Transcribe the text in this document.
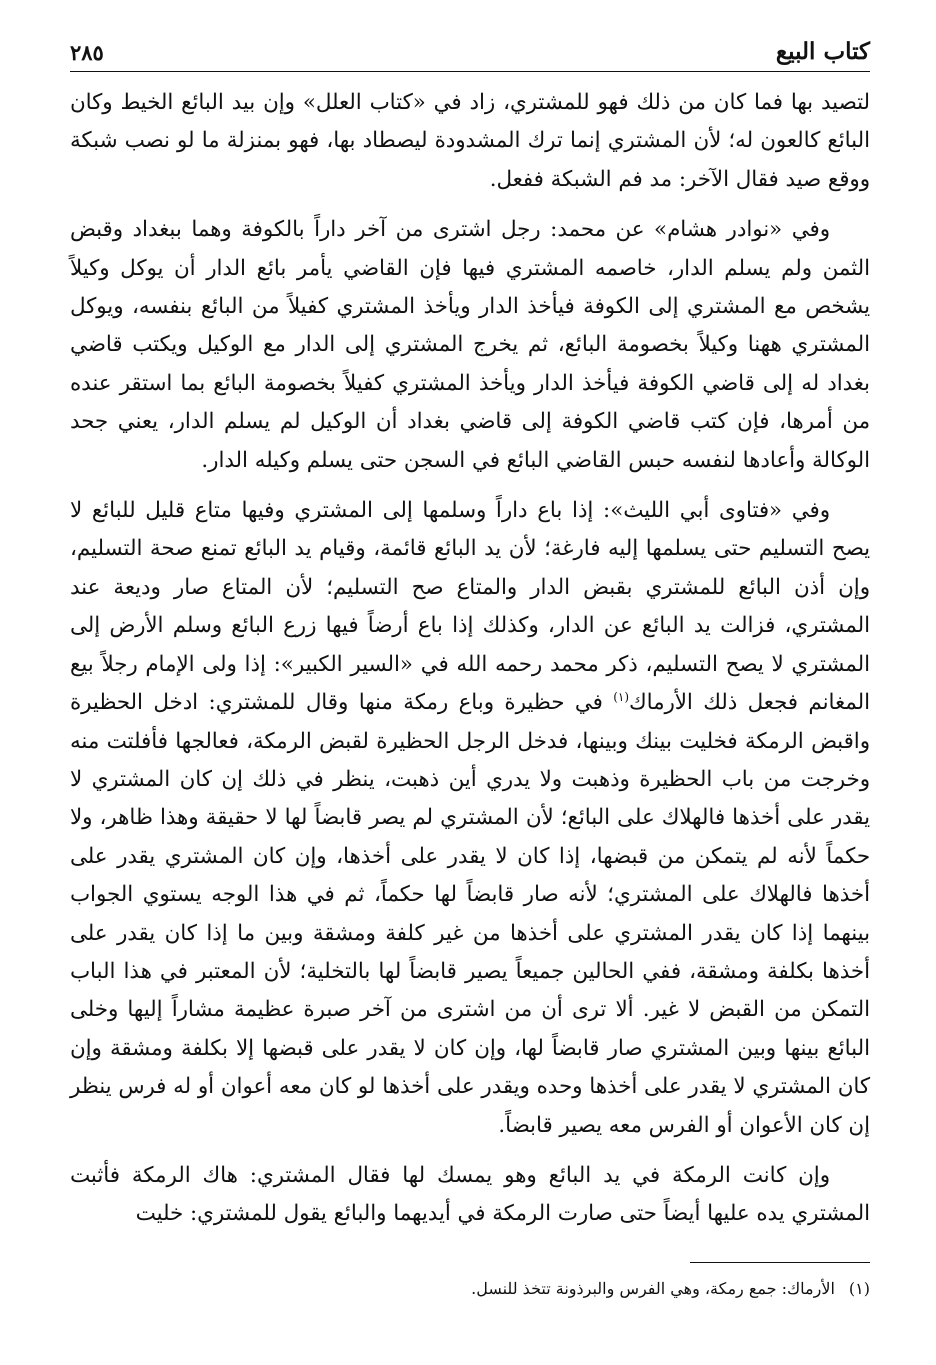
كتاب البيع
٢٨٥

لتصيد بها فما كان من ذلك فهو للمشتري، زاد في «كتاب العلل» وإن بيد البائع الخيط وكان البائع كالعون له؛ لأن المشتري إنما ترك المشدودة ليصطاد بها، فهو بمنزلة ما لو نصب شبكة ووقع صيد فقال الآخر: مد فم الشبكة ففعل.

وفي «نوادر هشام» عن محمد: رجل اشترى من آخر داراً بالكوفة وهما ببغداد وقبض الثمن ولم يسلم الدار، خاصمه المشتري فيها فإن القاضي يأمر بائع الدار أن يوكل وكيلاً يشخص مع المشتري إلى الكوفة فيأخذ الدار ويأخذ المشتري كفيلاً من البائع بنفسه، ويوكل المشتري ههنا وكيلاً بخصومة البائع، ثم يخرج المشتري إلى الدار مع الوكيل ويكتب قاضي بغداد له إلى قاضي الكوفة فيأخذ الدار ويأخذ المشتري كفيلاً بخصومة البائع بما استقر عنده من أمرها، فإن كتب قاضي الكوفة إلى قاضي بغداد أن الوكيل لم يسلم الدار، يعني جحد الوكالة وأعادها لنفسه حبس القاضي البائع في السجن حتى يسلم وكيله الدار.

وفي «فتاوى أبي الليث»: إذا باع داراً وسلمها إلى المشتري وفيها متاع قليل للبائع لا يصح التسليم حتى يسلمها إليه فارغة؛ لأن يد البائع قائمة، وقيام يد البائع تمنع صحة التسليم، وإن أذن البائع للمشتري بقبض الدار والمتاع صح التسليم؛ لأن المتاع صار وديعة عند المشتري، فزالت يد البائع عن الدار، وكذلك إذا باع أرضاً فيها زرع البائع وسلم الأرض إلى المشتري لا يصح التسليم، ذكر محمد رحمه الله في «السير الكبير»: إذا ولى الإمام رجلاً بيع المغانم فجعل ذلك الأرماك$^{(١)}$ في حظيرة وباع رمكة منها وقال للمشتري: ادخل الحظيرة واقبض الرمكة فخليت بينك وبينها، فدخل الرجل الحظيرة لقبض الرمكة، فعالجها فأفلتت منه وخرجت من باب الحظيرة وذهبت ولا يدري أين ذهبت، ينظر في ذلك إن كان المشتري لا يقدر على أخذها فالهلاك على البائع؛ لأن المشتري لم يصر قابضاً لها لا حقيقة وهذا ظاهر، ولا حكماً لأنه لم يتمكن من قبضها، إذا كان لا يقدر على أخذها، وإن كان المشتري يقدر على أخذها فالهلاك على المشتري؛ لأنه صار قابضاً لها حكماً، ثم في هذا الوجه يستوي الجواب بينهما إذا كان يقدر المشتري على أخذها من غير كلفة ومشقة وبين ما إذا كان يقدر على أخذها بكلفة ومشقة، ففي الحالين جميعاً يصير قابضاً لها بالتخلية؛ لأن المعتبر في هذا الباب التمكن من القبض لا غير. ألا ترى أن من اشترى من آخر صبرة عظيمة مشاراً إليها وخلى البائع بينها وبين المشتري صار قابضاً لها، وإن كان لا يقدر على قبضها إلا بكلفة ومشقة وإن كان المشتري لا يقدر على أخذها وحده ويقدر على أخذها لو كان معه أعوان أو له فرس ينظر إن كان الأعوان أو الفرس معه يصير قابضاً.

وإن كانت الرمكة في يد البائع وهو يمسك لها فقال المشتري: هاك الرمكة فأثبت المشتري يده عليها أيضاً حتى صارت الرمكة في أيديهما والبائع يقول للمشتري: خليت

(١)
الأرماك: جمع رمكة، وهي الفرس والبرذونة تتخذ للنسل.
